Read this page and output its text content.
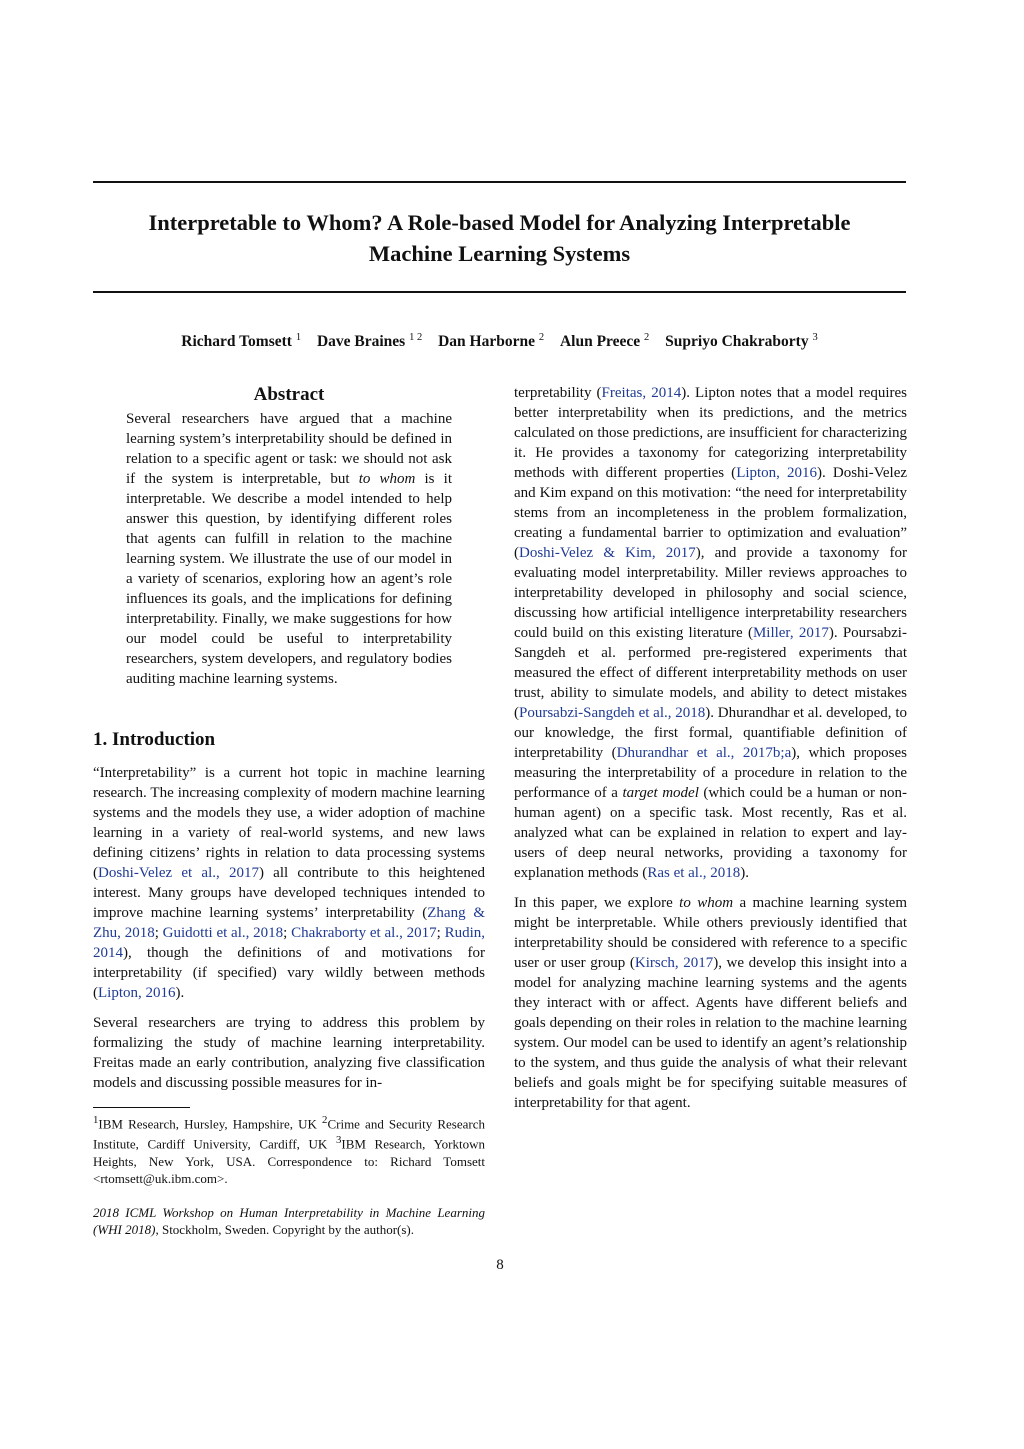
Interpretable to Whom? A Role-based Model for Analyzing Interpretable
Machine Learning Systems
Richard Tomsett $^1$ Dave Braines $^{1 2}$ Dan Harborne $^2$ Alun Preece $^2$ Supriyo Chakraborty $^3$
Abstract

Several researchers have argued that a machine learning system’s interpretability should be defined in relation to a specific agent or task: we should not ask if the system is interpretable, but to whom is it interpretable. We describe a model intended to help answer this question, by identifying different roles that agents can fulfill in relation to the machine learning system. We illustrate the use of our model in a variety of scenarios, exploring how an agent’s role influences its goals, and the implications for defining interpretability. Finally, we make suggestions for how our model could be useful to interpretability researchers, system developers, and regulatory bodies auditing machine learning systems.

1. Introduction

“Interpretability” is a current hot topic in machine learning research. The increasing complexity of modern machine learning systems and the models they use, a wider adoption of machine learning in a variety of real-world systems, and new laws defining citizens’ rights in relation to data processing systems (Doshi-Velez et al., 2017) all contribute to this heightened interest. Many groups have developed techniques intended to improve machine learning systems’ interpretability (Zhang & Zhu, 2018; Guidotti et al., 2018; Chakraborty et al., 2017; Rudin, 2014), though the definitions of and motivations for interpretability (if specified) vary wildly between methods (Lipton, 2016).

Several researchers are trying to address this problem by formalizing the study of machine learning interpretability. Freitas made an early contribution, analyzing five classification models and discussing possible measures for in-

$^1$IBM Research, Hursley, Hampshire, UK $^2$Crime and Security Research Institute, Cardiff University, Cardiff, UK $^3$IBM Research, Yorktown Heights, New York, USA. Correspondence to: Richard Tomsett <rtomsett@uk.ibm.com>.

2018 ICML Workshop on Human Interpretability in Machine Learning (WHI 2018), Stockholm, Sweden. Copyright by the author(s).

terpretability (Freitas, 2014). Lipton notes that a model requires better interpretability when its predictions, and the metrics calculated on those predictions, are insufficient for characterizing it. He provides a taxonomy for categorizing interpretability methods with different properties (Lipton, 2016). Doshi-Velez and Kim expand on this motivation: “the need for interpretability stems from an incompleteness in the problem formalization, creating a fundamental barrier to optimization and evaluation” (Doshi-Velez & Kim, 2017), and provide a taxonomy for evaluating model interpretability. Miller reviews approaches to interpretability developed in philosophy and social science, discussing how artificial intelligence interpretability researchers could build on this existing literature (Miller, 2017). Poursabzi-Sangdeh et al. performed pre-registered experiments that measured the effect of different interpretability methods on user trust, ability to simulate models, and ability to detect mistakes (Poursabzi-Sangdeh et al., 2018). Dhurandhar et al. developed, to our knowledge, the first formal, quantifiable definition of interpretability (Dhurandhar et al., 2017b;a), which proposes measuring the interpretability of a procedure in relation to the performance of a target model (which could be a human or non-human agent) on a specific task. Most recently, Ras et al. analyzed what can be explained in relation to expert and lay-users of deep neural networks, providing a taxonomy for explanation methods (Ras et al., 2018).

In this paper, we explore to whom a machine learning system might be interpretable. While others previously identified that interpretability should be considered with reference to a specific user or user group (Kirsch, 2017), we develop this insight into a model for analyzing machine learning systems and the agents they interact with or affect. Agents have different beliefs and goals depending on their roles in relation to the machine learning system. Our model can be used to identify an agent’s relationship to the system, and thus guide the analysis of what their relevant beliefs and goals might be for specifying suitable measures of interpretability for that agent.

8
